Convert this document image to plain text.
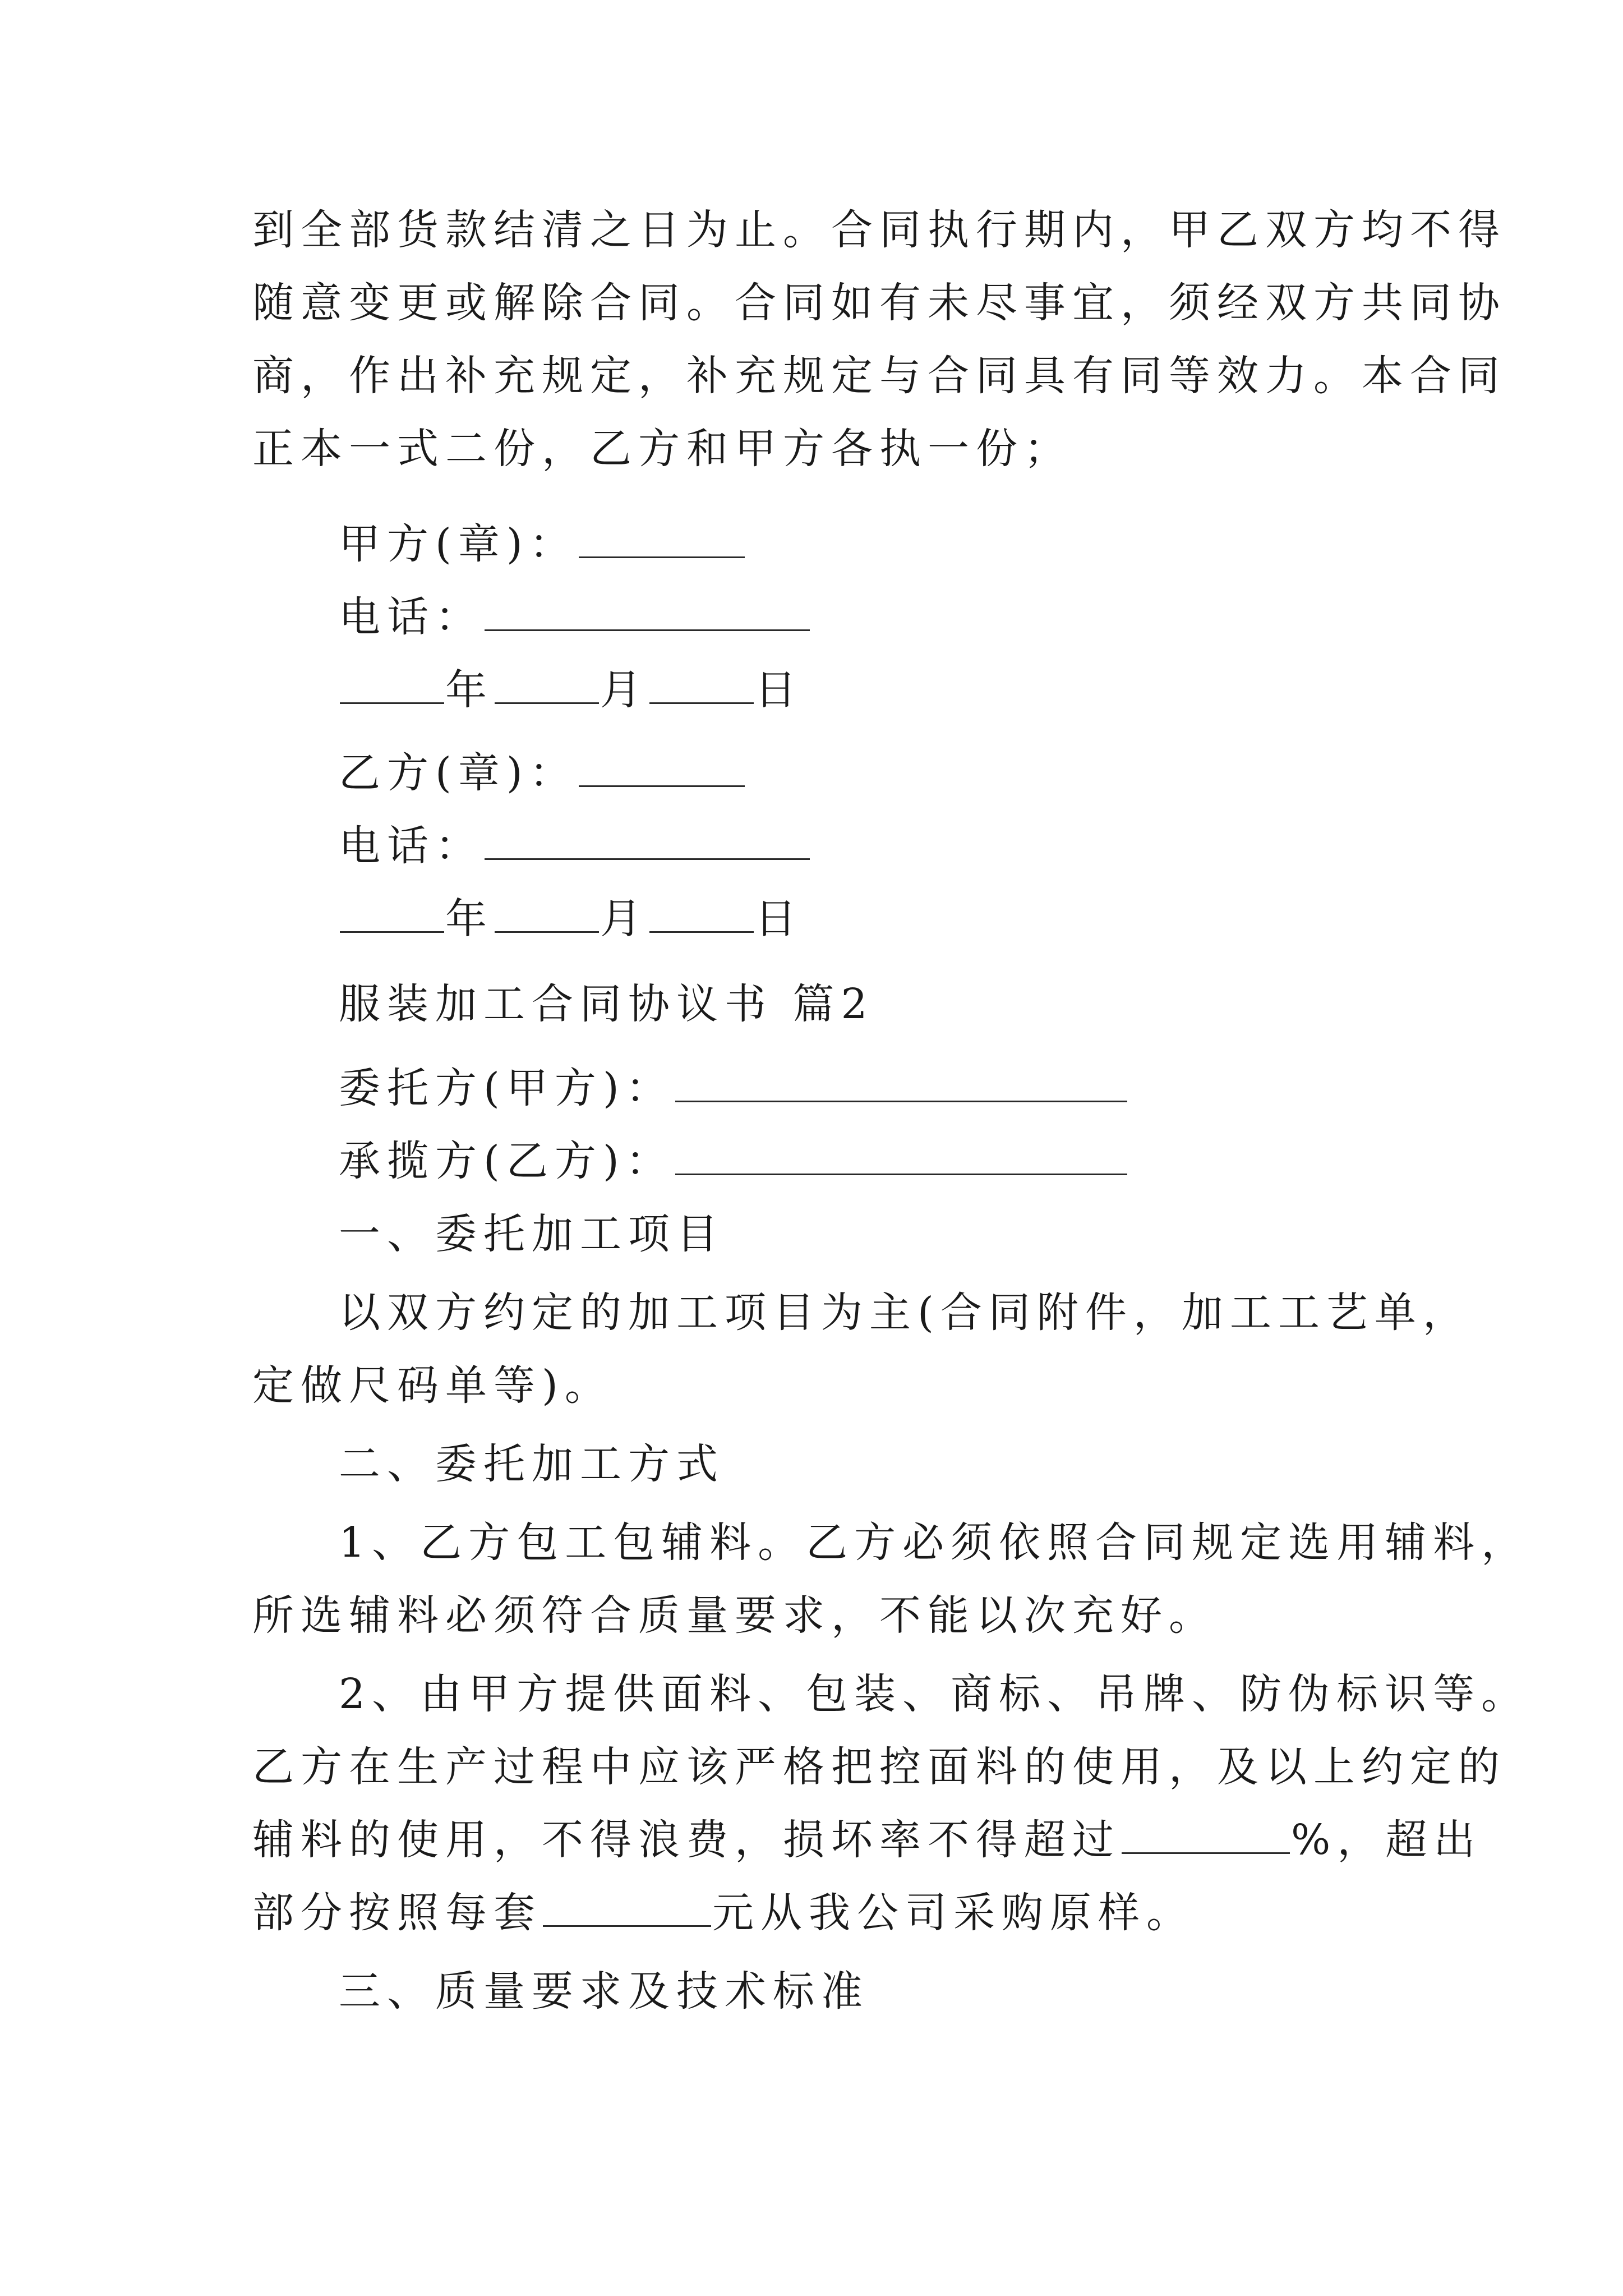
到全部货款结清之日为止。合同执行期内，甲乙双方均不得

随意变更或解除合同。合同如有未尽事宜，须经双方共同协

商，作出补充规定，补充规定与合同具有同等效力。本合同

正本一式二份，乙方和甲方各执一份；

甲方(章)：

电话：

年	月	日

乙方(章)：

电话：

年	月	日

服装加工合同协议书 篇2

委托方(甲方)：

承揽方(乙方)：

一、委托加工项目

以双方约定的加工项目为主(合同附件，加工工艺单，

定做尺码单等)。

二、委托加工方式

1、乙方包工包辅料。乙方必须依照合同规定选用辅料，

所选辅料必须符合质量要求，不能以次充好。

2、由甲方提供面料、包装、商标、吊牌、防伪标识等。

乙方在生产过程中应该严格把控面料的使用，及以上约定的

辅料的使用，不得浪费，损坏率不得超过	%，超出

部分按照每套	元从我公司采购原样。

三、质量要求及技术标准
